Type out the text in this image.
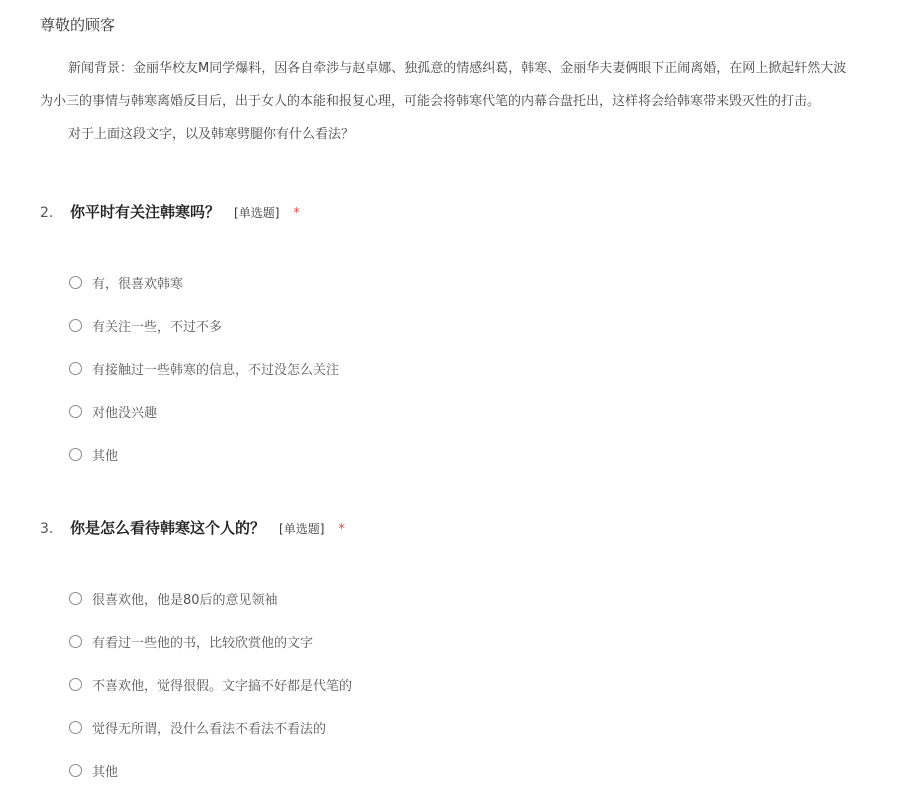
尊敬的顾客
新闻背景：金丽华校友M同学爆料，因各自牵涉与赵卓娜、独孤意的情感纠葛，韩寒、金丽华夫妻俩眼下正闹离婚，在网上掀起轩然大波
为小三的事情与韩寒离婚反目后，出于女人的本能和报复心理，可能会将韩寒代笔的内幕合盘托出，这样将会给韩寒带来毁灭性的打击。
对于上面这段文字，以及韩寒劈腿你有什么看法？
2.	你平时有关注韩寒吗？ [单选题] *
有，很喜欢韩寒
有关注一些，不过不多
有接触过一些韩寒的信息，不过没怎么关注
对他没兴趣
其他
3.	你是怎么看待韩寒这个人的？ [单选题] *
很喜欢他，他是80后的意见领袖
有看过一些他的书，比较欣赏他的文字
不喜欢他，觉得很假。文字搞不好都是代笔的
觉得无所谓，没什么看法不看法不看法的
其他
